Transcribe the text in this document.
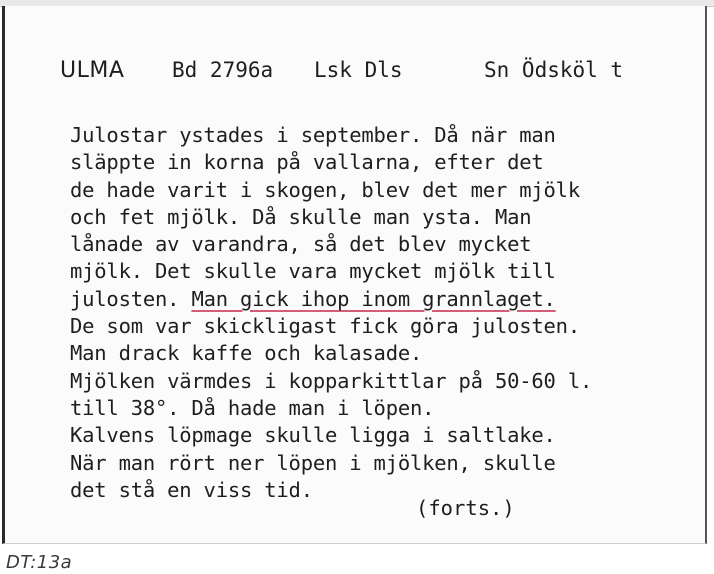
ULMA Bd 2796a Lsk Dls	Sn Ödsköl t
Julostar ystades i september. Då när man
släppte in korna på vallarna, efter det
de hade varit i skogen, blev det mer mjölk
och fet mjölk. Då skulle man ysta. Man
lånade av varandra, så det blev mycket
mjölk. Det skulle vara mycket mjölk till
julosten. Man gick ihop inom grannlaget.
De som var skickligast fick göra julosten.
Man drack kaffe och kalasade.
Mjölken värmdes i kopparkittlar på 50-60 l.
till 38°. Då hade man i löpen.
Kalvens löpmage skulle ligga i saltlake.
När man rört ner löpen i mjölken, skulle
det stå en viss tid.
(forts.)
DT:13a
